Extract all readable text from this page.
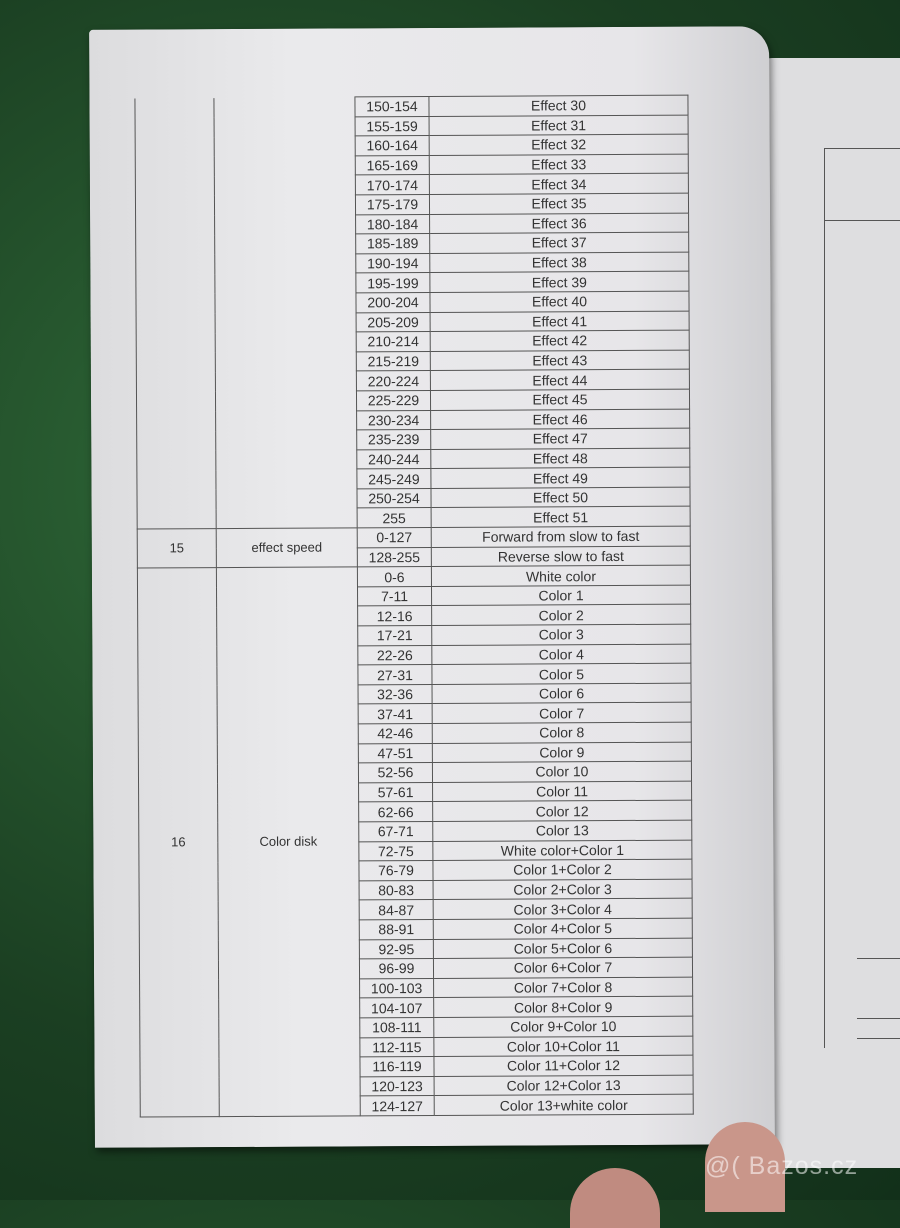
		150-154	Effect 30
		155-159	Effect 31
		160-164	Effect 32
		165-169	Effect 33
		170-174	Effect 34
		175-179	Effect 35
		180-184	Effect 36
		185-189	Effect 37
		190-194	Effect 38
		195-199	Effect 39
		200-204	Effect 40
		205-209	Effect 41
		210-214	Effect 42
		215-219	Effect 43
		220-224	Effect 44
		225-229	Effect 45
		230-234	Effect 46
		235-239	Effect 47
		240-244	Effect 48
		245-249	Effect 49
		250-254	Effect 50
		255	Effect 51
15	effect speed	0-127	Forward from slow to fast
		128-255	Reverse slow to fast
16	Color disk	0-6	White color
		7-11	Color 1
		12-16	Color 2
		17-21	Color 3
		22-26	Color 4
		27-31	Color 5
		32-36	Color 6
		37-41	Color 7
		42-46	Color 8
		47-51	Color 9
		52-56	Color 10
		57-61	Color 11
		62-66	Color 12
		67-71	Color 13
		72-75	White color+Color 1
		76-79	Color 1+Color 2
		80-83	Color 2+Color 3
		84-87	Color 3+Color 4
		88-91	Color 4+Color 5
		92-95	Color 5+Color 6
		96-99	Color 6+Color 7
		100-103	Color 7+Color 8
		104-107	Color 8+Color 9
		108-111	Color 9+Color 10
		112-115	Color 10+Color 11
		116-119	Color 11+Color 12
		120-123	Color 12+Color 13
		124-127	Color 13+white color
@( Bazos.cz
